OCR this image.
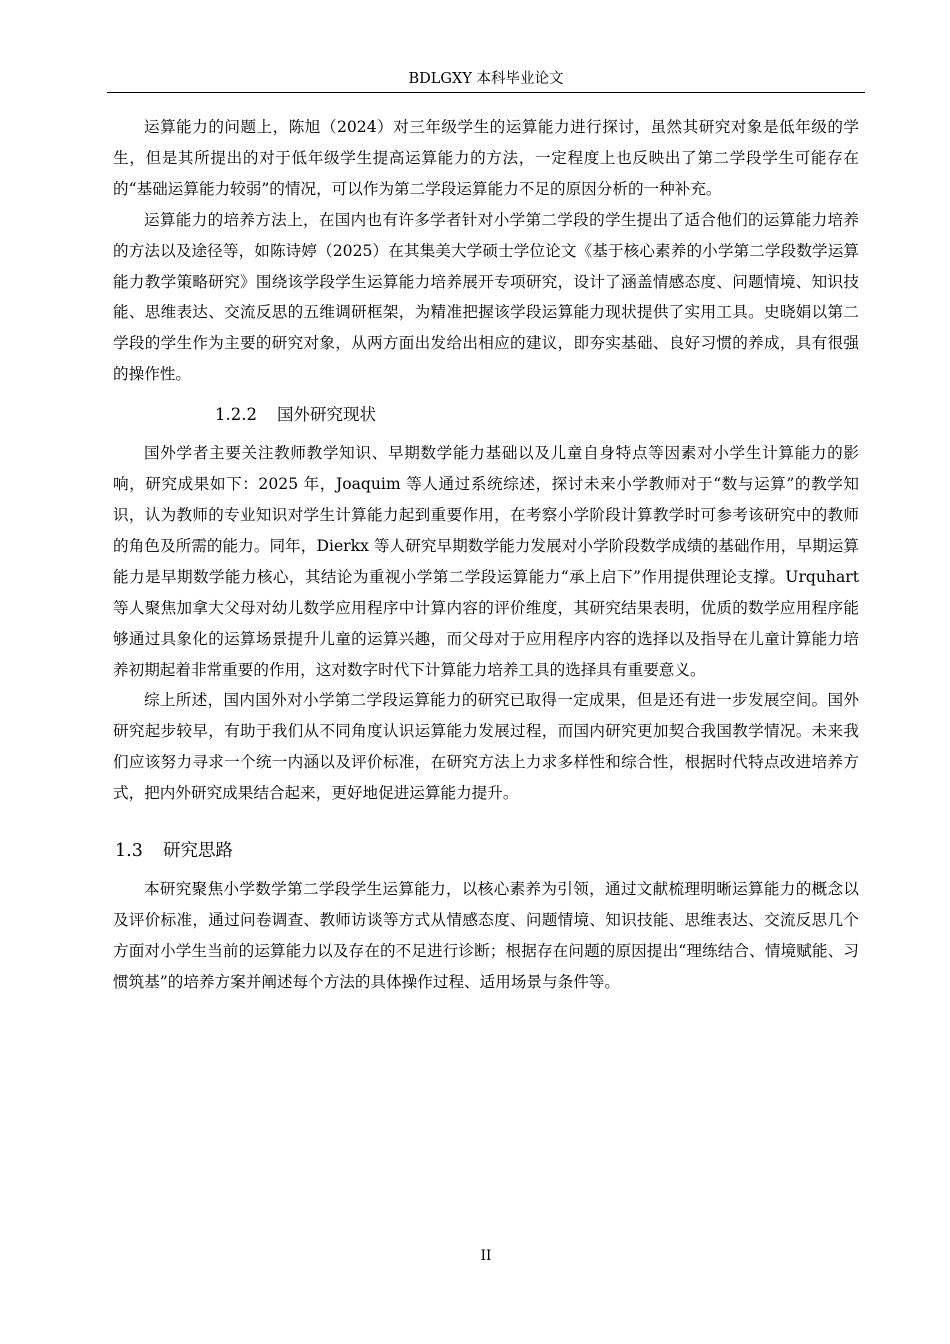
BDLGXY 本科毕业论文

运算能力的问题上，陈旭（2024）对三年级学生的运算能力进行探讨，虽然其研究对象是低年级的学生，但是其所提出的对于低年级学生提高运算能力的方法，一定程度上也反映出了第二学段学生可能存在的“基础运算能力较弱”的情况，可以作为第二学段运算能力不足的原因分析的一种补充。

运算能力的培养方法上，在国内也有许多学者针对小学第二学段的学生提出了适合他们的运算能力培养的方法以及途径等，如陈诗婷（2025）在其集美大学硕士学位论文《基于核心素养的小学第二学段数学运算能力教学策略研究》围绕该学段学生运算能力培养展开专项研究，设计了涵盖情感态度、问题情境、知识技能、思维表达、交流反思的五维调研框架，为精准把握该学段运算能力现状提供了实用工具。史晓娟以第二学段的学生作为主要的研究对象，从两方面出发给出相应的建议，即夯实基础、良好习惯的养成，具有很强的操作性。

1.2.2 国外研究现状

国外学者主要关注教师教学知识、早期数学能力基础以及儿童自身特点等因素对小学生计算能力的影响，研究成果如下：2025 年，Joaquim 等人通过系统综述，探讨未来小学教师对于“数与运算”的教学知识，认为教师的专业知识对学生计算能力起到重要作用，在考察小学阶段计算教学时可参考该研究中的教师的角色及所需的能力。同年，Dierkx 等人研究早期数学能力发展对小学阶段数学成绩的基础作用，早期运算能力是早期数学能力核心，其结论为重视小学第二学段运算能力“承上启下”作用提供理论支撑。Urquhart 等人聚焦加拿大父母对幼儿数学应用程序中计算内容的评价维度，其研究结果表明，优质的数学应用程序能够通过具象化的运算场景提升儿童的运算兴趣，而父母对于应用程序内容的选择以及指导在儿童计算能力培养初期起着非常重要的作用，这对数字时代下计算能力培养工具的选择具有重要意义。

综上所述，国内国外对小学第二学段运算能力的研究已取得一定成果，但是还有进一步发展空间。国外研究起步较早，有助于我们从不同角度认识运算能力发展过程，而国内研究更加契合我国教学情况。未来我们应该努力寻求一个统一内涵以及评价标准，在研究方法上力求多样性和综合性，根据时代特点改进培养方式，把内外研究成果结合起来，更好地促进运算能力提升。

1.3 研究思路

本研究聚焦小学数学第二学段学生运算能力，以核心素养为引领，通过文献梳理明晰运算能力的概念以及评价标准，通过问卷调查、教师访谈等方式从情感态度、问题情境、知识技能、思维表达、交流反思几个方面对小学生当前的运算能力以及存在的不足进行诊断；根据存在问题的原因提出“理练结合、情境赋能、习惯筑基”的培养方案并阐述每个方法的具体操作过程、适用场景与条件等。

II
